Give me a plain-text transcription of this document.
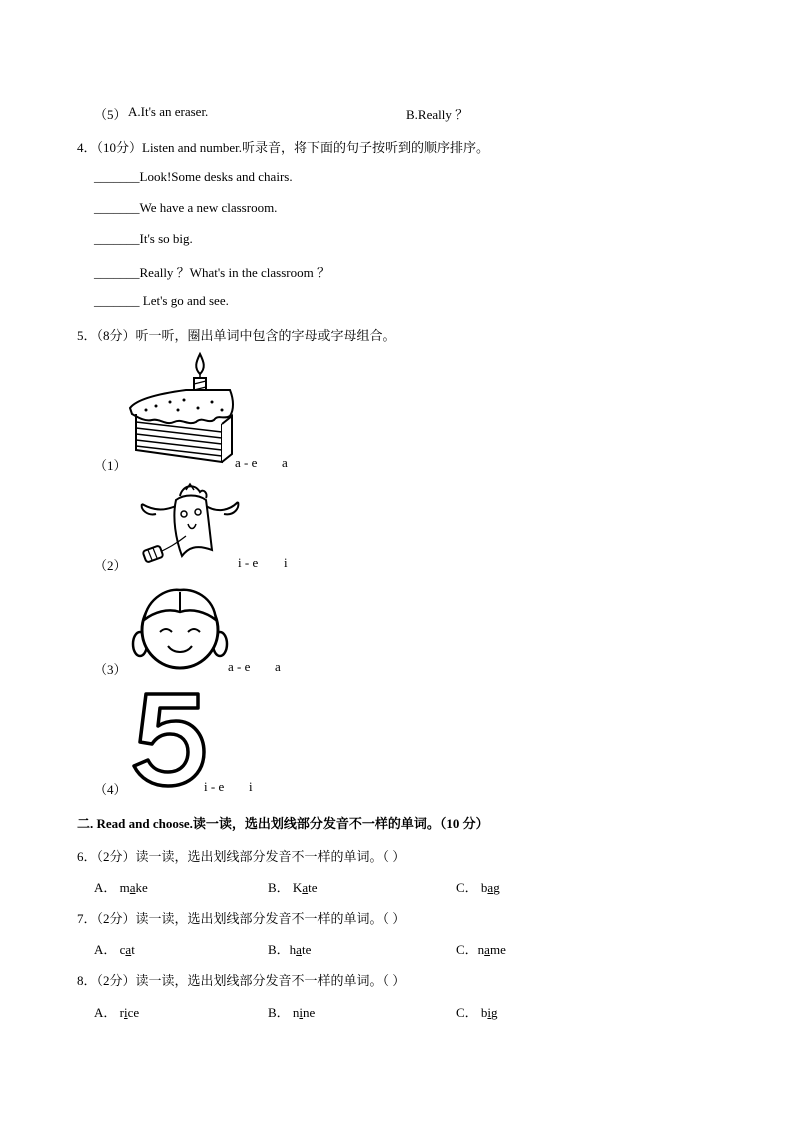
（5） A.It's an eraser.	B.Really ？
4．（10分）Listen and number.听录音，将下面的句子按听到的顺序排序。
_______Look!Some desks and chairs.
_______We have a new classroom.
_______It's so big.
_______Really ？What's in the classroom ？
_______ Let's go and see.
5．（8分）听一听，圈出单词中包含的字母或字母组合。
（1）	a - e a
（2）	i - e i
（3）	a - e a
（4）	i - e i
二. Read and choose.读一读，选出划线部分发音不一样的单词。（10 分）
6．（2分）读一读，选出划线部分发音不一样的单词。（ ）
A． make	B． Kate	C． bag
7．（2分）读一读，选出划线部分发音不一样的单词。（ ）
A． cat	B．hate	C．name
8．（2分）读一读，选出划线部分发音不一样的单词。（ ）
A． rice	B． nine	C． big
